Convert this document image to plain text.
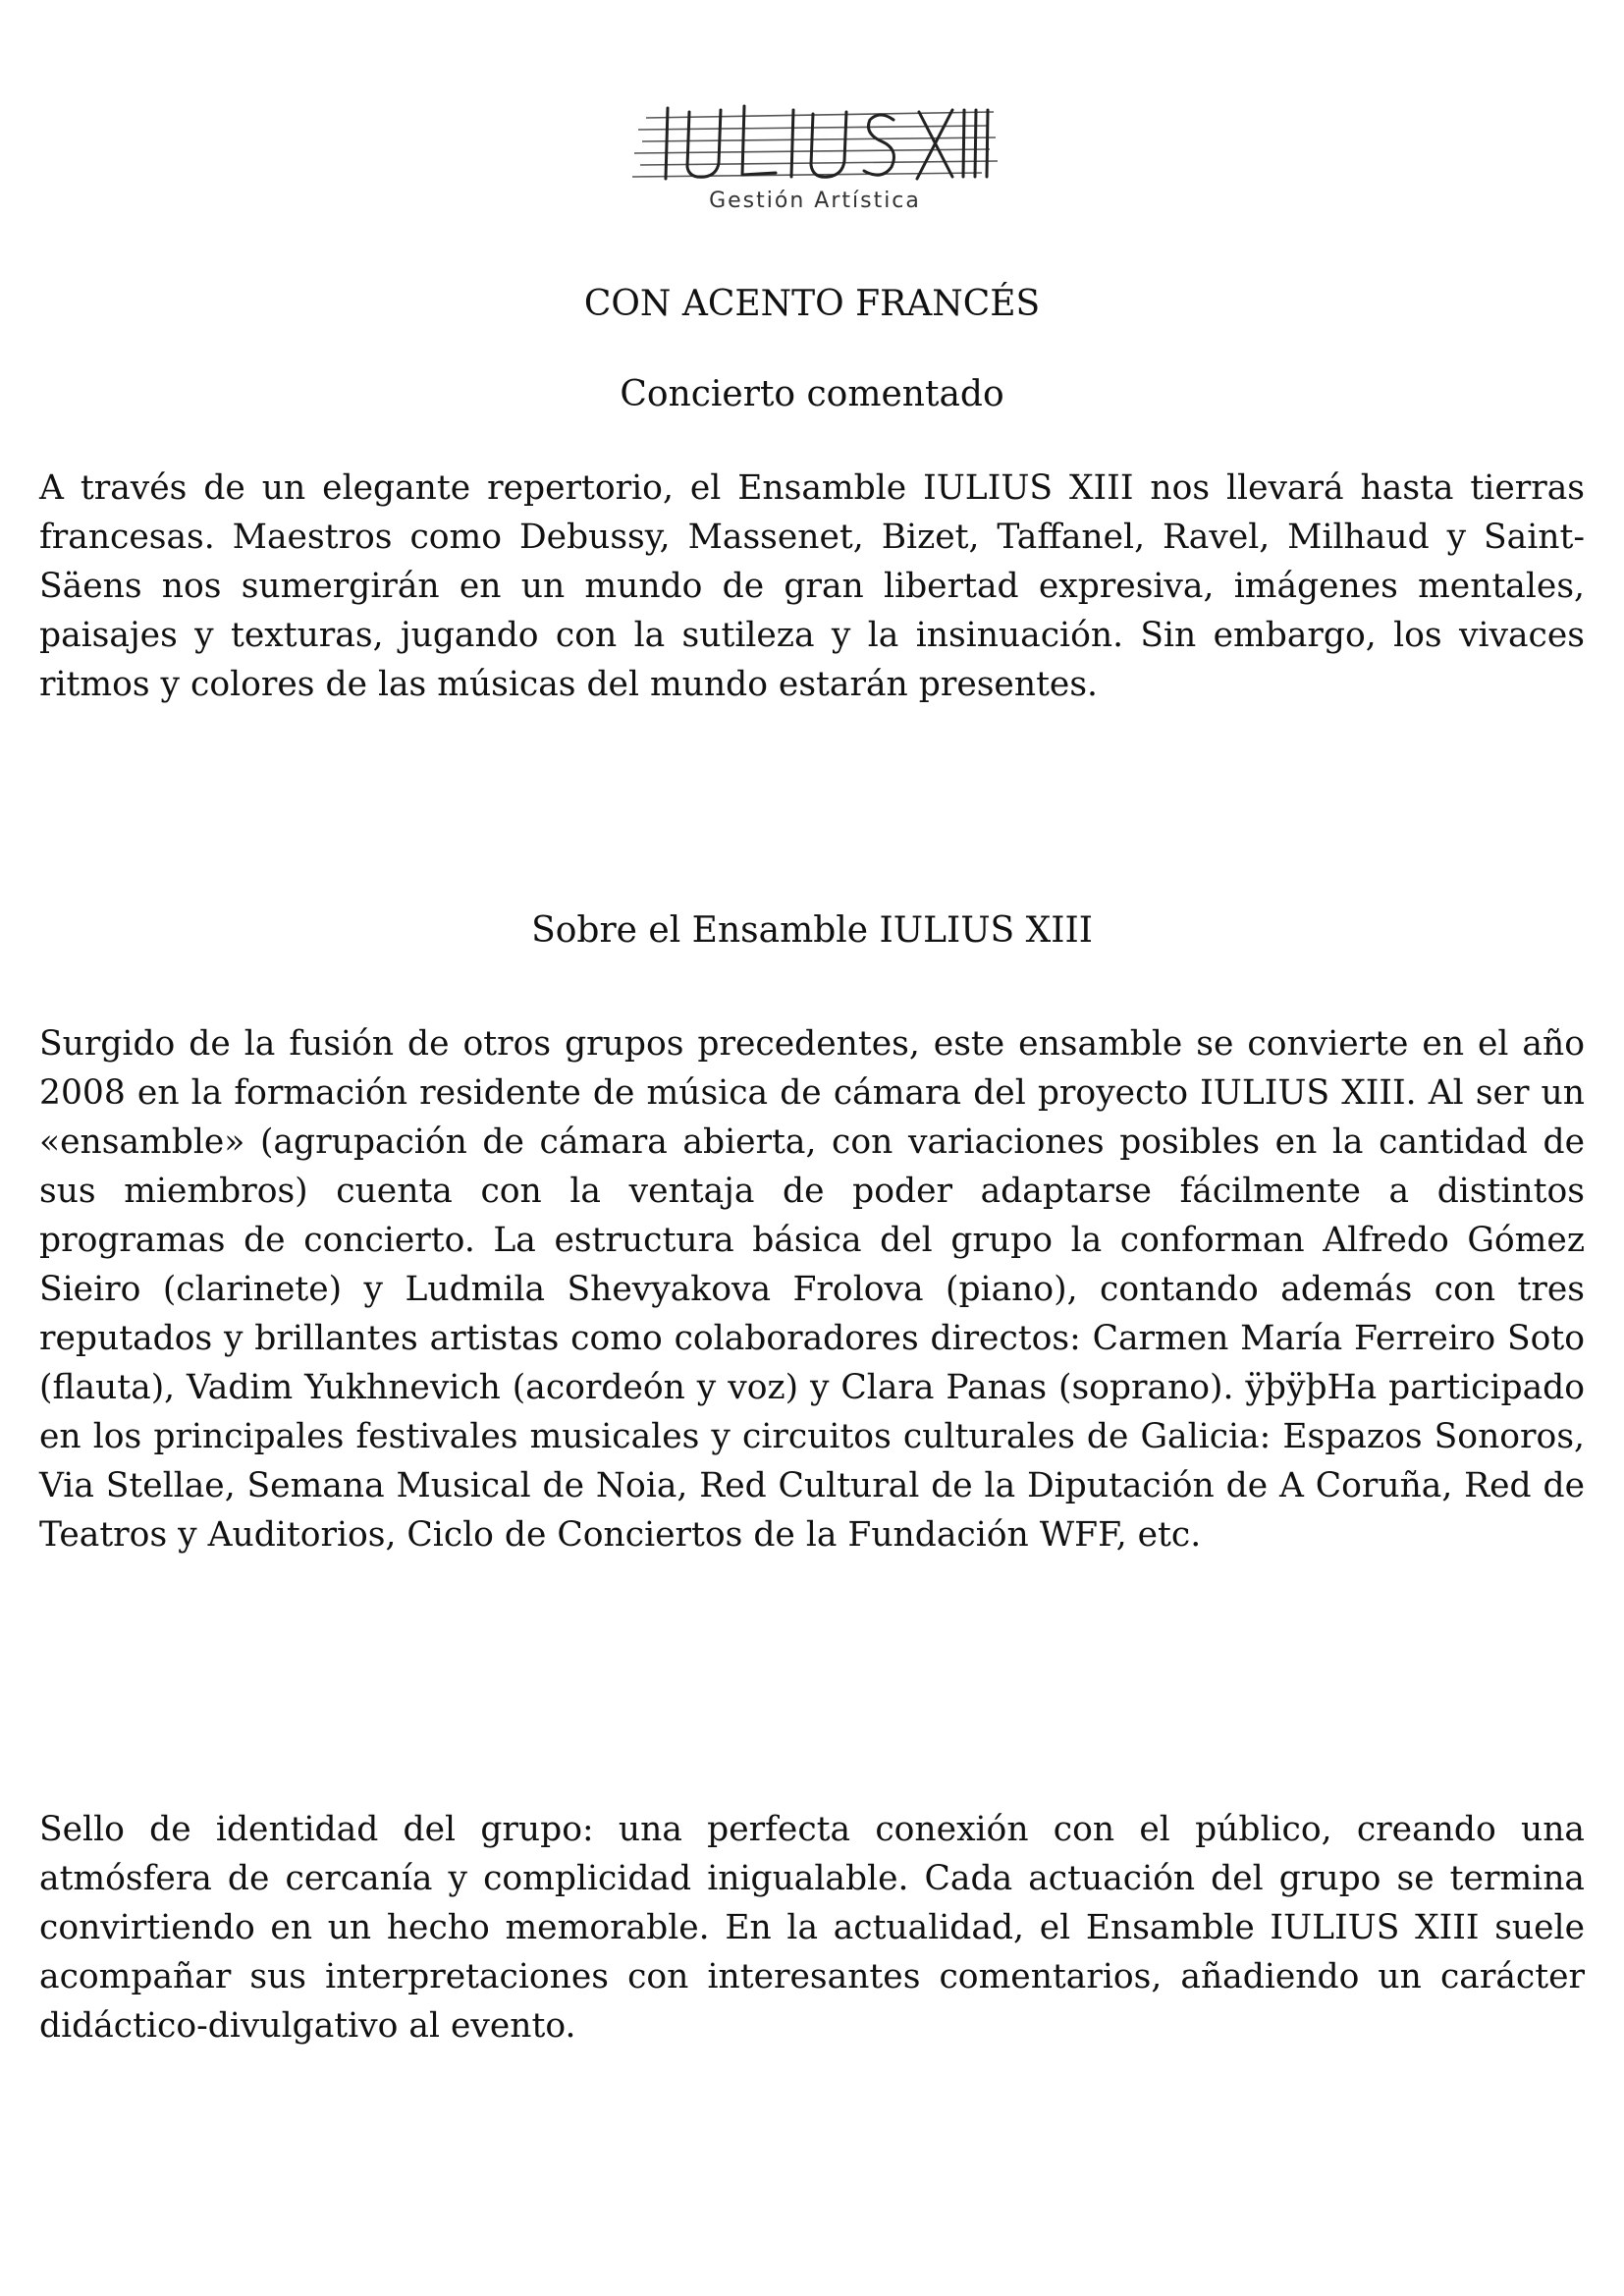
Gestión Artística
CON ACENTO FRANCÉS
Concierto comentado

A través de un elegante repertorio, el Ensamble IULIUS XIII nos llevará hasta tierras francesas. Maestros como Debussy, Massenet, Bizet, Taffanel, Ravel, Milhaud y Saint-Säens nos sumergirán en un mundo de gran libertad expresiva, imágenes mentales, paisajes y texturas, jugando con la sutileza y la insinuación. Sin embargo, los vivaces ritmos y colores de las músicas del mundo estarán presentes.

Sobre el Ensamble IULIUS XIII

Surgido de la fusión de otros grupos precedentes, este ensamble se convierte en el año 2008 en la formación residente de música de cámara del proyecto IULIUS XIII. Al ser un «ensamble» (agrupación de cámara abierta, con variaciones posibles en la cantidad de sus miembros) cuenta con la ventaja de poder adaptarse fácilmente a distintos programas de concierto. La estructura básica del grupo la conforman Alfredo Gómez Sieiro (clarinete) y Ludmila Shevyakova Frolova (piano), contando además con tres reputados y brillantes artistas como colaboradores directos: Carmen María Ferreiro Soto (flauta), Vadim Yukhnevich (acordeón y voz) y Clara Panas (soprano). ÿþÿþHa participado en los principales festivales musicales y circuitos culturales de Galicia: Espazos Sonoros, Via Stellae, Semana Musical de Noia, Red Cultural de la Diputación de A Coruña, Red de Teatros y Auditorios, Ciclo de Conciertos de la Fundación WFF, etc.

Sello de identidad del grupo: una perfecta conexión con el público, creando una atmósfera de cercanía y complicidad inigualable. Cada actuación del grupo se termina convirtiendo en un hecho memorable. En la actualidad, el Ensamble IULIUS XIII suele acompañar sus interpretaciones con interesantes comentarios, añadiendo un carácter didáctico-divulgativo al evento.
